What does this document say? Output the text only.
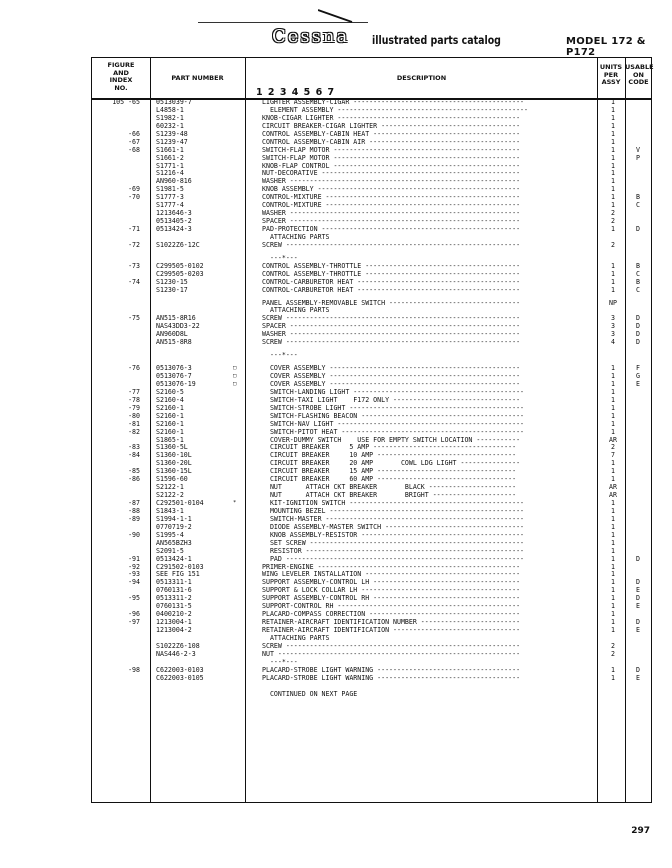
Cessna illustrated parts catalog	MODEL 172 & P172
FIGURE
AND
INDEX
NO.
PART NUMBER	DESCRIPTION
1 2 3 4 5 6 7
UNITS
PER
ASSY
USABLE
ON
CODE
105 -65 0513039-7	LIGHTER ASSEMBLY-CIGAR -------------------------------------------	1
L4858-1	ELEMENT ASSEMBLY ------------------------------------------------	1
S1982-1	KNOB-CIGAR LIGHTER ----------------------------------------------	1
60232-1	CIRCUIT BREAKER-CIGAR LIGHTER -----------------------------------	1
-66 S1239-48	CONTROL ASSEMBLY-CABIN HEAT -------------------------------------	1
-67 S1239-47	CONTROL ASSEMBLY-CABIN AIR --------------------------------------	1
-68 S1661-1	SWITCH-FLAP MOTOR -----------------------------------------------	1	V
S1661-2	SWITCH-FLAP MOTOR -----------------------------------------------	1	P
S1771-1	KNOB-FLAP CONTROL -----------------------------------------------	1
S1216-4	NUT-DECORATIVE --------------------------------------------------	1
AN960-816	WASHER ----------------------------------------------------------	1
-69 S1981-5	KNOB ASSEMBLY ---------------------------------------------------	1
-70 S1777-3	CONTROL-MIXTURE -------------------------------------------------	1	B
S1777-4	CONTROL-MIXTURE -------------------------------------------------	1	C
1213646-3	WASHER ----------------------------------------------------------	2
0513405-2	SPACER ----------------------------------------------------------	2
-71 0513424-3	PAD-PROTECTION --------------------------------------------------	1	D
ATTACHING PARTS
-72 S1022Z6-12C	SCREW -----------------------------------------------------------	2
---*---
-73 C299505-0102	CONTROL ASSEMBLY-THROTTLE ---------------------------------------	1	B
C299505-0203	CONTROL ASSEMBLY-THROTTLE ---------------------------------------	1	C
-74 S1230-15	CONTROL-CARBURETOR HEAT -----------------------------------------	1	B
S1230-17	CONTROL-CARBURETOR HEAT -----------------------------------------	1	C
PANEL ASSEMBLY-REMOVABLE SWITCH ---------------------------------	NP
ATTACHING PARTS
-75 AN515-8R16	SCREW -----------------------------------------------------------	3	D
NAS43DD3-22	SPACER ----------------------------------------------------------	3	D
AN960D8L	WASHER ----------------------------------------------------------	3	D
AN515-8R8	SCREW -----------------------------------------------------------	4	D
---*---
-76 0513076-3	□	COVER ASSEMBLY ------------------------------------------------	1	F
0513076-7	□	COVER ASSEMBLY ------------------------------------------------	1	G
0513076-19	□	COVER ASSEMBLY ------------------------------------------------	1	E
-77 S2160-5	SWITCH-LANDING LIGHT -------------------------------------------	1
-78 S2160-4	SWITCH-TAXI LIGHT    F172 ONLY --------------------------------	1
-79 S2160-1	SWITCH-STROBE LIGHT --------------------------------------------	1
-80 S2160-1	SWITCH-FLASHING BEACON -----------------------------------------	1
-81 S2160-1	SWITCH-NAV LIGHT -----------------------------------------------	1
-82 S2160-1	SWITCH-PITOT HEAT ----------------------------------------------	1
S1865-1	COVER-DUMMY SWITCH    USE FOR EMPTY SWITCH LOCATION -----------	AR
-83 S1360-5L	CIRCUIT BREAKER     5 AMP ------------------------------------	2
-84 S1360-10L	CIRCUIT BREAKER     10 AMP -----------------------------------	7
S1360-20L	CIRCUIT BREAKER     20 AMP       COWL LDG LIGHT ---------------	1
-85 S1360-15L	CIRCUIT BREAKER     15 AMP -----------------------------------	1
-86 S1596-60	CIRCUIT BREAKER     60 AMP -----------------------------------	1
S2122-1	NUT      ATTACH CKT BREAKER       BLACK ----------------------	AR
S2122-2	NUT      ATTACH CKT BREAKER       BRIGHT ---------------------	AR
-87 C292501-0104	*	KIT-IGNITION SWITCH --------------------------------------------	1
-88 S1843-1	MOUNTING BEZEL -------------------------------------------------	1
-89 S1994-1-1	SWITCH-MASTER --------------------------------------------------	1
0770719-2	DIODE ASSEMBLY-MASTER SWITCH -----------------------------------	1
-90 S1995-4	KNOB ASSEMBLY-RESISTOR -----------------------------------------	1
AN565BZH3	SET SCREW ------------------------------------------------------	1
S2091-5	RESISTOR -------------------------------------------------------	1
-91 0513424-1	PAD ------------------------------------------------------------	1	D
-92 C291502-0103	PRIMER-ENGINE ---------------------------------------------------	1
-93 SEE FIG 151	WING LEVELER INSTALLATION ---------------------------------------	1
-94 0513311-1	SUPPORT ASSEMBLY-CONTROL LH -------------------------------------	1	D
0760131-6	SUPPORT & LOCK COLLAR LH ----------------------------------------	1	E
-95 0513311-2	SUPPORT ASSEMBLY-CONTROL RH -------------------------------------	1	D
0760131-5	SUPPORT-CONTROL RH ----------------------------------------------	1	E
-96 0400210-2	PLACARD-COMPASS CORRECTION --------------------------------------	1
-97 1213004-1	RETAINER-AIRCRAFT IDENTIFICATION NUMBER -------------------------	1	D
1213004-2	RETAINER-AIRCRAFT IDENTIFICATION --------------------------------	1	E
ATTACHING PARTS
S1022Z6-108	SCREW -----------------------------------------------------------	2
NAS446-2-3	NUT -------------------------------------------------------------	2
---*---
-98 C622003-0103	PLACARD-STROBE LIGHT WARNING ------------------------------------	1	D
C622003-0105	PLACARD-STROBE LIGHT WARNING ------------------------------------	1	E
CONTINUED ON NEXT PAGE
297
